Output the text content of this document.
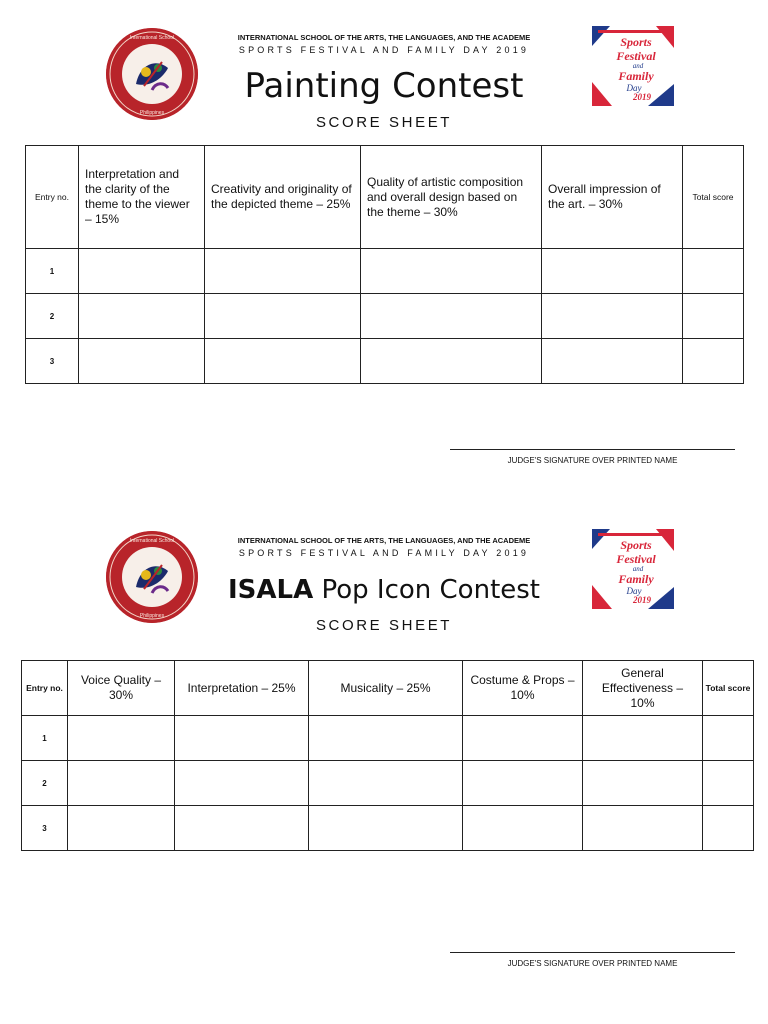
International School
Philippines
Sports
Festival
and
Family
Day
2019
INTERNATIONAL SCHOOL OF THE ARTS, THE LANGUAGES, AND THE ACADEME
SPORTS FESTIVAL AND FAMILY DAY 2019
Painting Contest
SCORE SHEET
Entry no.	Interpretation and the clarity of the theme to the viewer – 15%	Creativity and originality of the depicted theme – 25%	Quality of artistic composition and overall design based on the theme – 30%	Overall impression of the art. – 30%	Total score
1					
2					
3					
JUDGE'S SIGNATURE OVER PRINTED NAME
International School
Philippines
Sports
Festival
and
Family
Day
2019
INTERNATIONAL SCHOOL OF THE ARTS, THE LANGUAGES, AND THE ACADEME
SPORTS FESTIVAL AND FAMILY DAY 2019
ISALA Pop Icon Contest
SCORE SHEET
Entry no.	Voice Quality – 30%	Interpretation – 25%	Musicality – 25%	Costume & Props – 10%	General Effectiveness – 10%	Total score
1						
2						
3						
JUDGE'S SIGNATURE OVER PRINTED NAME
